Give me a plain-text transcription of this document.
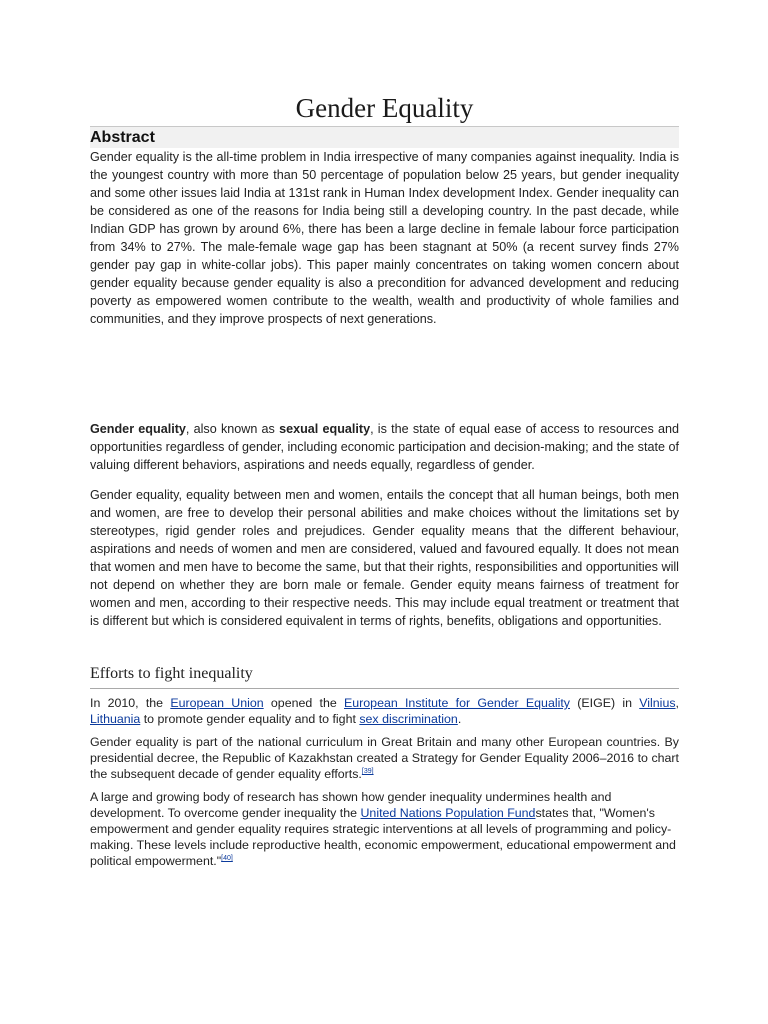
Gender Equality
Abstract

Gender equality is the all-time problem in India irrespective of many companies against inequality. India is the youngest country with more than 50 percentage of population below 25 years, but gender inequality and some other issues laid India at 131st rank in Human Index development Index. Gender inequality can be considered as one of the reasons for India being still a developing country. In the past decade, while Indian GDP has grown by around 6%, there has been a large decline in female labour force participation from 34% to 27%. The male-female wage gap has been stagnant at 50% (a recent survey finds 27% gender pay gap in white-collar jobs). This paper mainly concentrates on taking women concern about gender equality because gender equality is also a precondition for advanced development and reducing poverty as empowered women contribute to the wealth, wealth and productivity of whole families and communities, and they improve prospects of next generations.

Gender equality, also known as sexual equality, is the state of equal ease of access to resources and opportunities regardless of gender, including economic participation and decision-making; and the state of valuing different behaviors, aspirations and needs equally, regardless of gender.

Gender equality, equality between men and women, entails the concept that all human beings, both men and women, are free to develop their personal abilities and make choices without the limitations set by stereotypes, rigid gender roles and prejudices. Gender equality means that the different behaviour, aspirations and needs of women and men are considered, valued and favoured equally. It does not mean that women and men have to become the same, but that their rights, responsibilities and opportunities will not depend on whether they are born male or female. Gender equity means fairness of treatment for women and men, according to their respective needs. This may include equal treatment or treatment that is different but which is considered equivalent in terms of rights, benefits, obligations and opportunities.

Efforts to fight inequality

In 2010, the European Union opened the European Institute for Gender Equality (EIGE) in Vilnius, Lithuania to promote gender equality and to fight sex discrimination.

Gender equality is part of the national curriculum in Great Britain and many other European countries. By presidential decree, the Republic of Kazakhstan created a Strategy for Gender Equality 2006–2016 to chart the subsequent decade of gender equality efforts.[39]

A large and growing body of research has shown how gender inequality undermines health and development. To overcome gender inequality the United Nations Population Fundstates that, "Women's empowerment and gender equality requires strategic interventions at all levels of programming and policy-making. These levels include reproductive health, economic empowerment, educational empowerment and political empowerment."[40]
